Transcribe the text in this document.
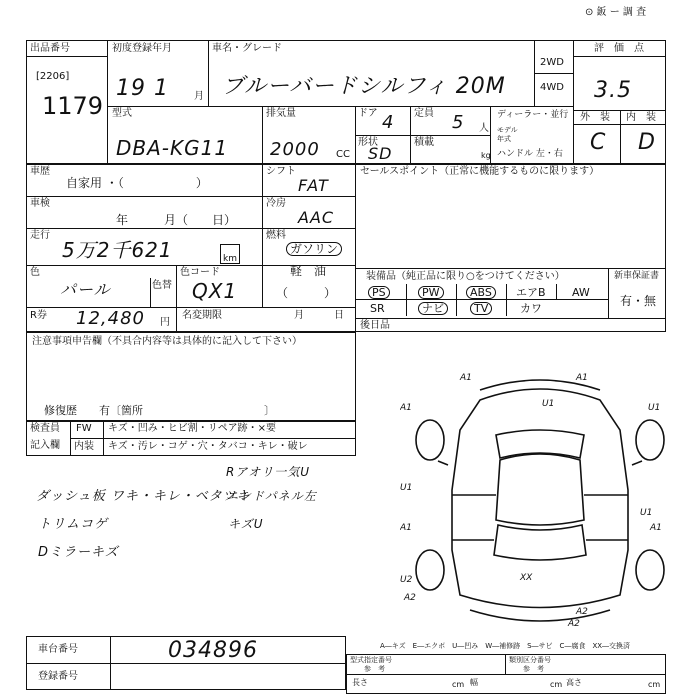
⊙ 鈑 ー 調 査
出品番号
[2206]
1179
初度登録年月
19 1	月
車名・グレード
ブルーバードシルフィ 20M
2WD
4WD
評　価　点
3.5
外　装 内　装
C D
型式
DBA-KG11
排気量
2000 CC
ドア 4
形状
SD
定員 5 人
積載
kg
ディーラー・並行
モデル
年式
ハンドル 左・右
車歴
自家用 ・（　　　　　　）
シフト
FAT
セールスポイント（正常に機能するものに限ります）
車検
年　　　月（　　日）
冷房
AAC
走行
5万2千621	km
燃料
ガソリン
軽　油
（　　　）
色
パール	色替
色コード
QX1
装備品（純正品に限り○をつけてください）
PS	PW	ABS	エアB AW
SR	ナビ	TV	カワ
新車保証書
有・無
R券 12,480 円
名変期限	月　　　日
後日品
注意事項申告欄（不具合内容等は具体的に記入して下さい）
修復歴　　有〔箇所　　　　　　　　　　　〕
検査員
記入欄
FW キズ・凹み・ヒビ割・リペア跡・×要
内装 キズ・汚レ・コゲ・穴・タバコ・キレ・破レ
ダッシュ板 ワキ・キレ・ベタツキ
トリムコゲ
Dミラーキズ
Rアオリ一気U
エンドパネル左
キズU
A1	A1
A1
U1
U1
XX
A1	A1
U2
A2
A2
U1	U1
A2
車台番号	034896
登録番号
A―キズ　E―エクボ　U―凹み　W―補修跡　S―サビ　C―腐食　XX―交換済
型式指定番号
参　考
類別区分番号
参　考
長さ	cm 幅	cm 高さ	cm
